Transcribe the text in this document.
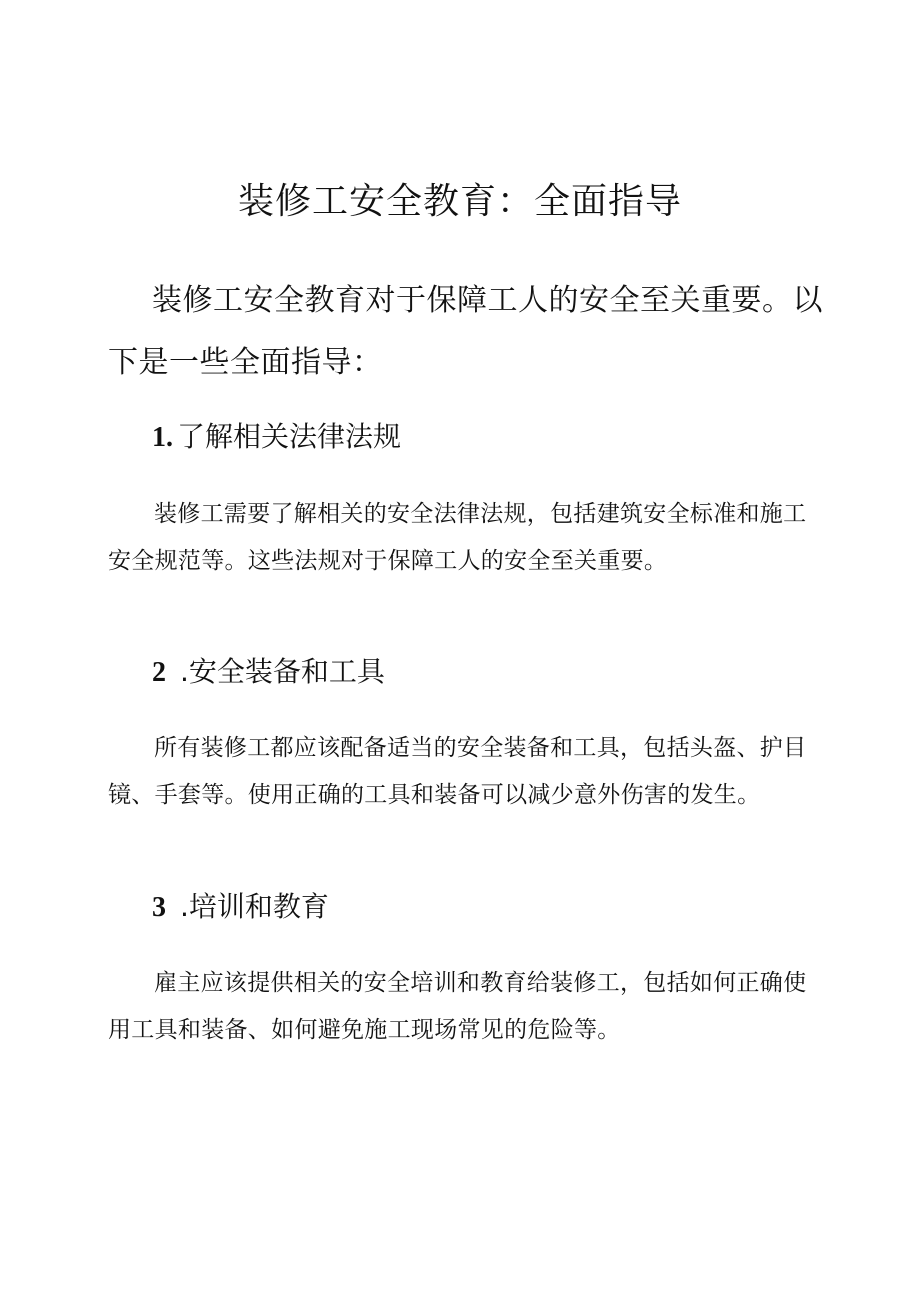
装修工安全教育：全面指导

装修工安全教育对于保障工人的安全至关重要。以下是一些全面指导：

1. 了解相关法律法规

装修工需要了解相关的安全法律法规，包括建筑安全标准和施工安全规范等。这些法规对于保障工人的安全至关重要。

2 .安全装备和工具

所有装修工都应该配备适当的安全装备和工具，包括头盔、护目镜、手套等。使用正确的工具和装备可以减少意外伤害的发生。

3 .培训和教育

雇主应该提供相关的安全培训和教育给装修工，包括如何正确使用工具和装备、如何避免施工现场常见的危险等。
